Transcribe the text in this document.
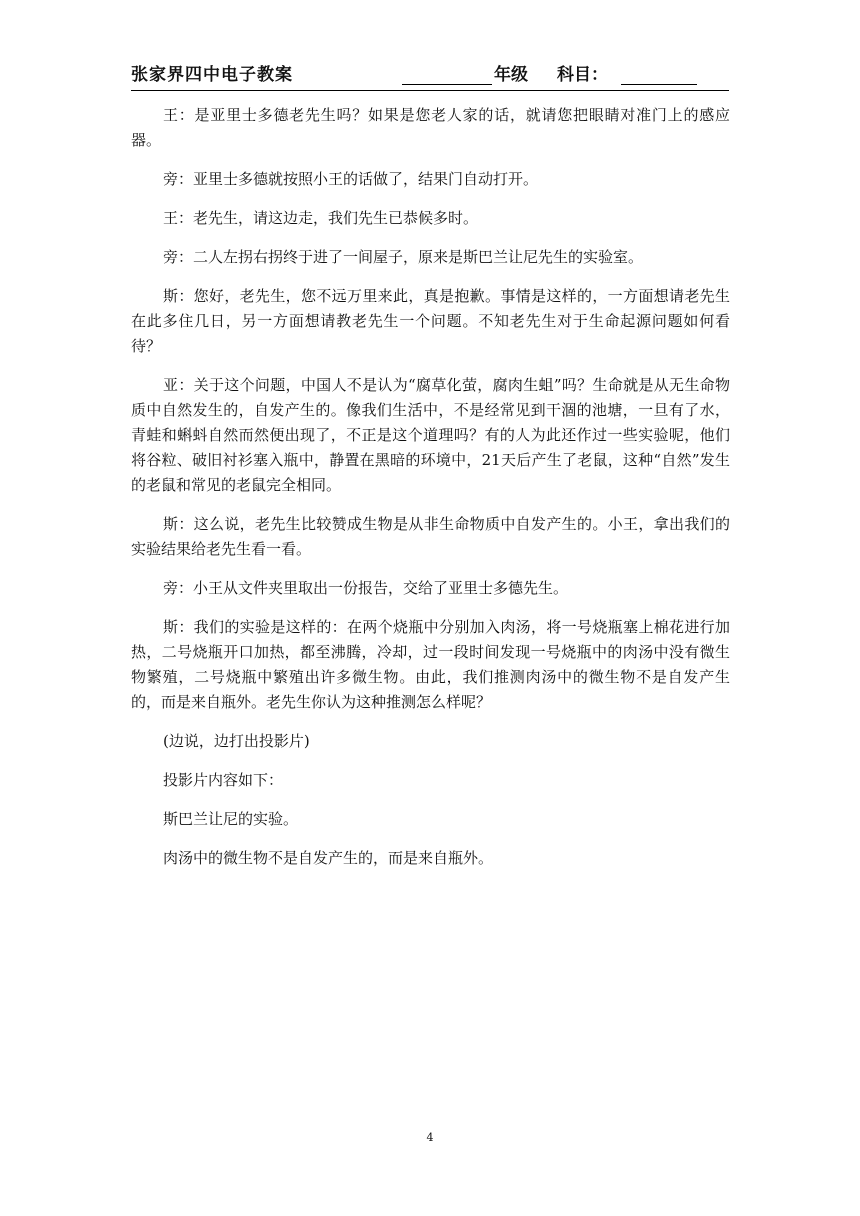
张家界四中电子教案	年级 科目：

王：是亚里士多德老先生吗？如果是您老人家的话，就请您把眼睛对准门上的感应器。

旁：亚里士多德就按照小王的话做了，结果门自动打开。

王：老先生，请这边走，我们先生已恭候多时。

旁：二人左拐右拐终于进了一间屋子，原来是斯巴兰让尼先生的实验室。

斯：您好，老先生，您不远万里来此，真是抱歉。事情是这样的，一方面想请老先生在此多住几日，另一方面想请教老先生一个问题。不知老先生对于生命起源问题如何看待？

亚：关于这个问题，中国人不是认为“腐草化萤，腐肉生蛆”吗？生命就是从无生命物质中自然发生的，自发产生的。像我们生活中，不是经常见到干涸的池塘，一旦有了水，青蛙和蝌蚪自然而然便出现了，不正是这个道理吗？有的人为此还作过一些实验呢，他们将谷粒、破旧衬衫塞入瓶中，静置在黑暗的环境中，21天后产生了老鼠，这种“自然”发生的老鼠和常见的老鼠完全相同。

斯：这么说，老先生比较赞成生物是从非生命物质中自发产生的。小王，拿出我们的实验结果给老先生看一看。

旁：小王从文件夹里取出一份报告，交给了亚里士多德先生。

斯：我们的实验是这样的：在两个烧瓶中分别加入肉汤，将一号烧瓶塞上棉花进行加热，二号烧瓶开口加热，都至沸腾，冷却，过一段时间发现一号烧瓶中的肉汤中没有微生物繁殖，二号烧瓶中繁殖出许多微生物。由此，我们推测肉汤中的微生物不是自发产生的，而是来自瓶外。老先生你认为这种推测怎么样呢？

(边说，边打出投影片)

投影片内容如下：

斯巴兰让尼的实验。

肉汤中的微生物不是自发产生的，而是来自瓶外。

4
